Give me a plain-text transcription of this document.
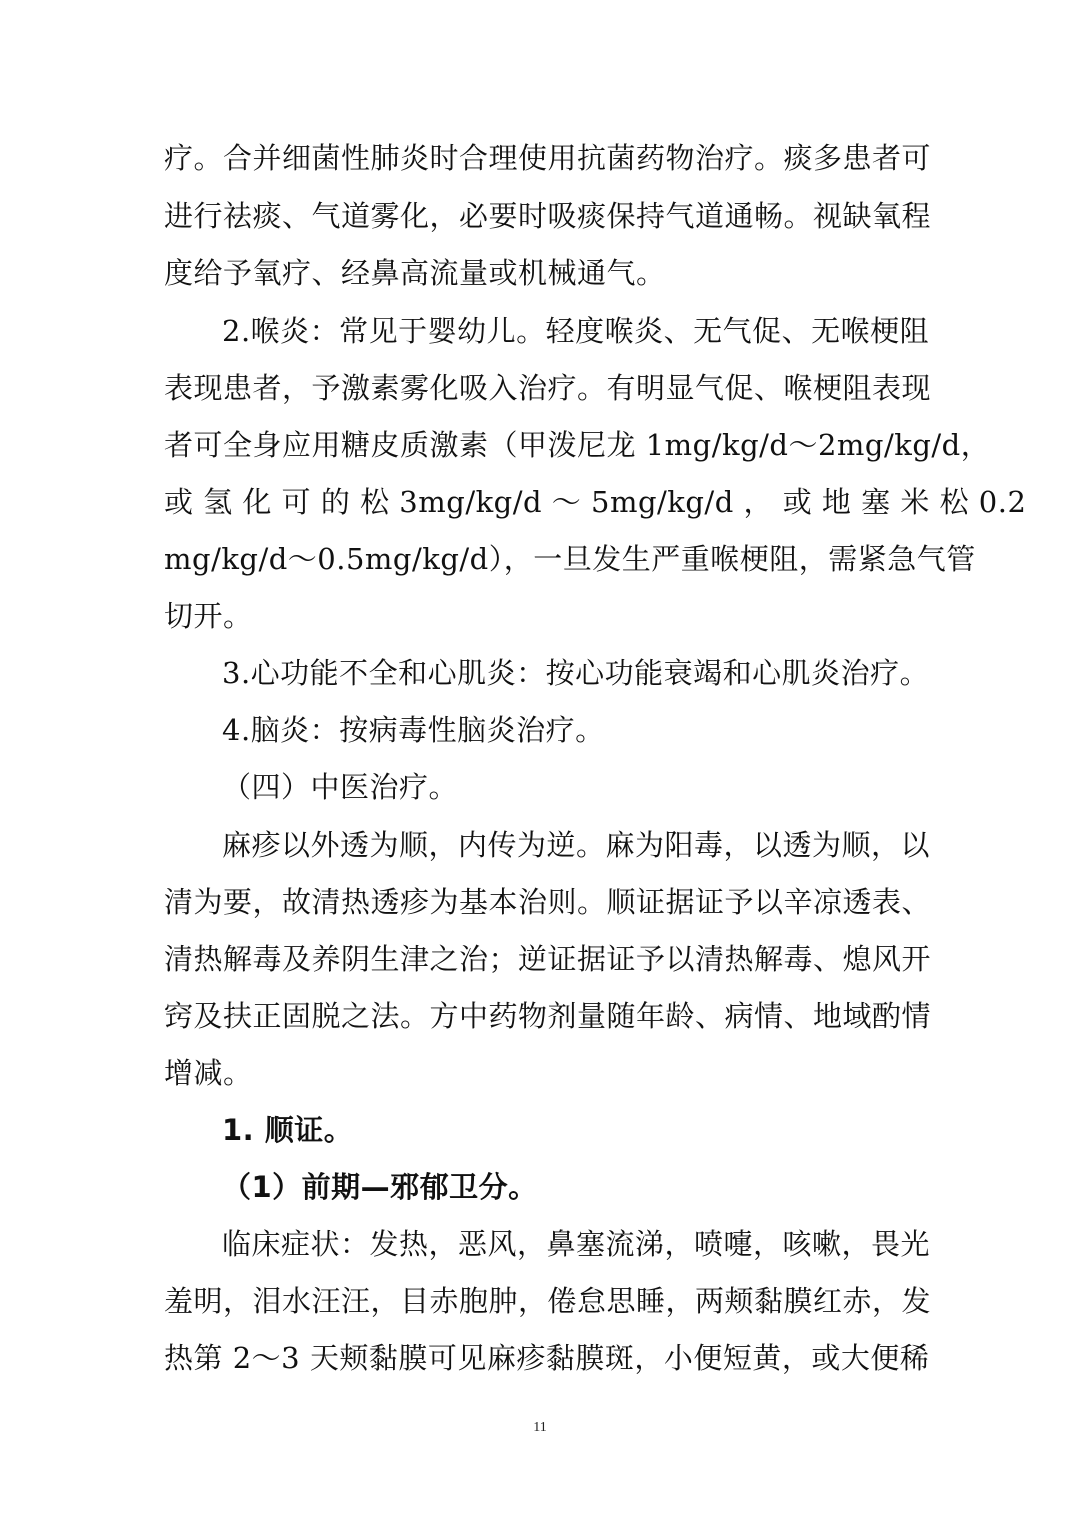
疗。合并细菌性肺炎时合理使用抗菌药物治疗。痰多患者可
进行祛痰、气道雾化，必要时吸痰保持气道通畅。视缺氧程
度给予氧疗、经鼻高流量或机械通气。
2.喉炎：常见于婴幼儿。轻度喉炎、无气促、无喉梗阻
表现患者，予激素雾化吸入治疗。有明显气促、喉梗阻表现
者可全身应用糖皮质激素（甲泼尼龙 1mg/kg/d～2mg/kg/d，
或 氢 化 可 的 松 3mg/kg/d ～ 5mg/kg/d ， 或 地 塞 米 松 0.2
mg/kg/d～0.5mg/kg/d），一旦发生严重喉梗阻，需紧急气管
切开。
3.心功能不全和心肌炎：按心功能衰竭和心肌炎治疗。
4.脑炎：按病毒性脑炎治疗。
（四）中医治疗。
麻疹以外透为顺，内传为逆。麻为阳毒，以透为顺，以
清为要，故清热透疹为基本治则。顺证据证予以辛凉透表、
清热解毒及养阴生津之治；逆证据证予以清热解毒、熄风开
窍及扶正固脱之法。方中药物剂量随年龄、病情、地域酌情
增减。
1. 顺证。
（1）前期—邪郁卫分。
临床症状：发热，恶风，鼻塞流涕，喷嚏，咳嗽，畏光
羞明，泪水汪汪，目赤胞肿，倦怠思睡，两颊黏膜红赤，发
热第 2～3 天颊黏膜可见麻疹黏膜斑，小便短黄，或大便稀
11
